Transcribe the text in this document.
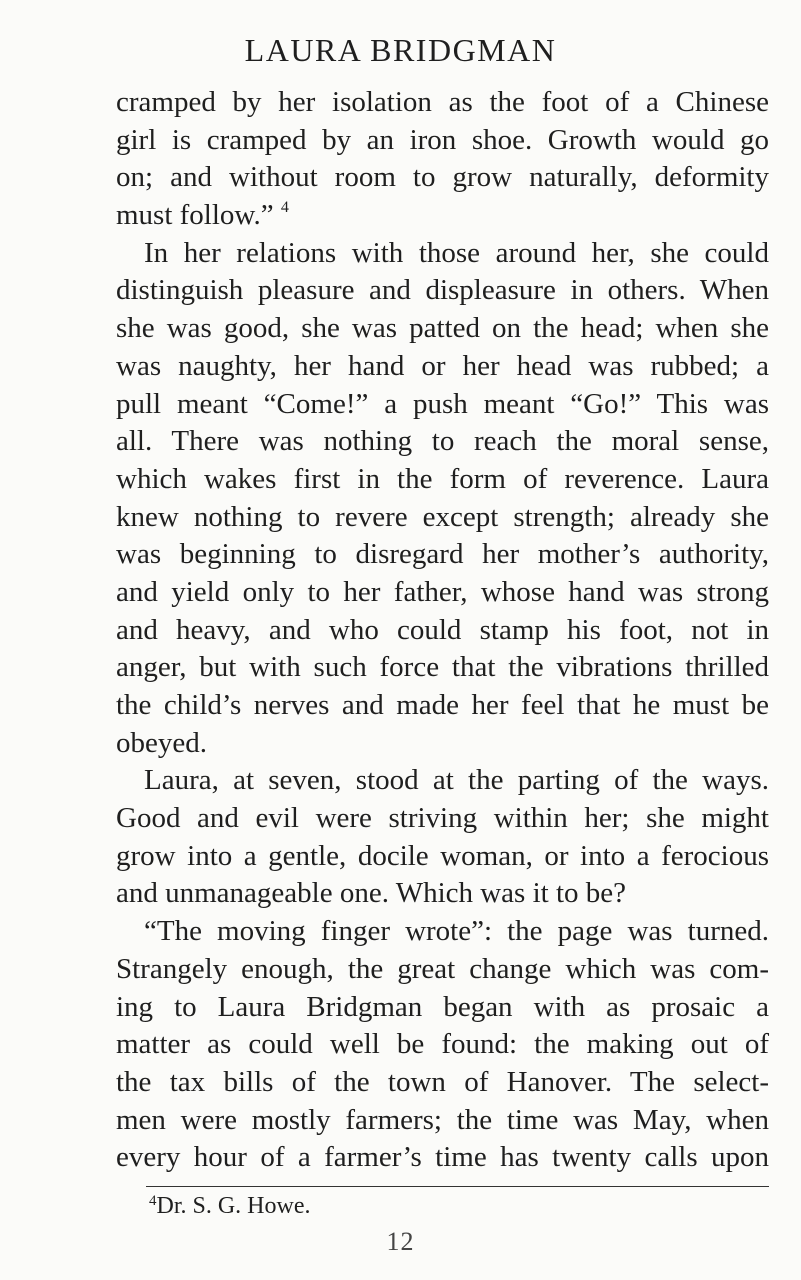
LAURA BRIDGMAN
cramped by her isolation as the foot of a Chinese
girl is cramped by an iron shoe. Growth would go
on; and without room to grow naturally, deformity
must follow.” $^4$
In her relations with those around her, she could
distinguish pleasure and displeasure in others. When
she was good, she was patted on the head; when she
was naughty, her hand or her head was rubbed; a
pull meant “Come!” a push meant “Go!” This was
all. There was nothing to reach the moral sense,
which wakes first in the form of reverence. Laura
knew nothing to revere except strength; already she
was beginning to disregard her mother’s authority,
and yield only to her father, whose hand was strong
and heavy, and who could stamp his foot, not in
anger, but with such force that the vibrations thrilled
the child’s nerves and made her feel that he must be
obeyed.
Laura, at seven, stood at the parting of the ways.
Good and evil were striving within her; she might
grow into a gentle, docile woman, or into a ferocious
and unmanageable one. Which was it to be?
“The moving finger wrote”: the page was turned.
Strangely enough, the great change which was com-
ing to Laura Bridgman began with as prosaic a
matter as could well be found: the making out of
the tax bills of the town of Hanover. The select-
men were mostly farmers; the time was May, when
every hour of a farmer’s time has twenty calls upon
$^4$Dr. S. G. Howe.
12
